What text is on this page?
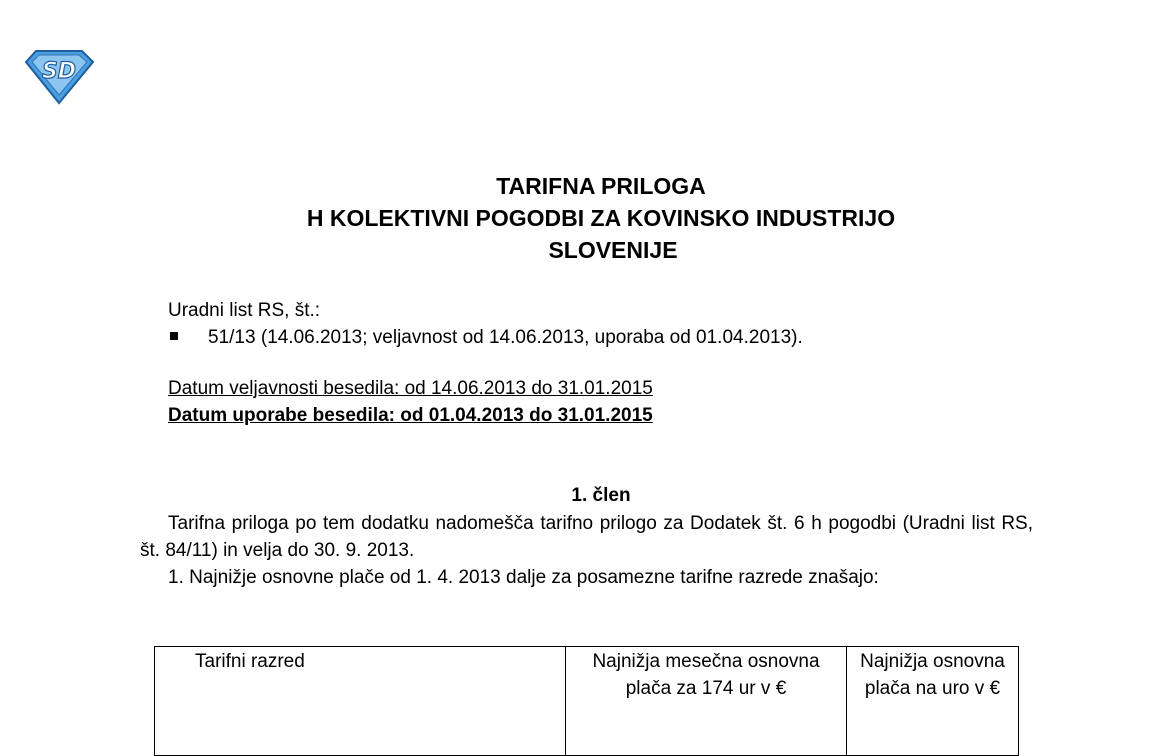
SD
TARIFNA PRILOGA
H KOLEKTIVNI POGODBI ZA KOVINSKO INDUSTRIJO
SLOVENIJE
Uradni list RS, št.:
51/13 (14.06.2013; veljavnost od 14.06.2013, uporaba od 01.04.2013).
Datum veljavnosti besedila: od 14.06.2013 do 31.01.2015
Datum uporabe besedila: od 01.04.2013 do 31.01.2015
1. člen
Tarifna priloga po tem dodatku nadomešča tarifno prilogo za Dodatek št. 6 h pogodbi (Uradni list RS, št. 84/11) in velja do 30. 9. 2013.
1. Najnižje osnovne plače od 1. 4. 2013 dalje za posamezne tarifne razrede znašajo:
Tarifni razred	Najnižja mesečna osnovna plača za 174 ur v €	Najnižja osnovna plača na uro v €
